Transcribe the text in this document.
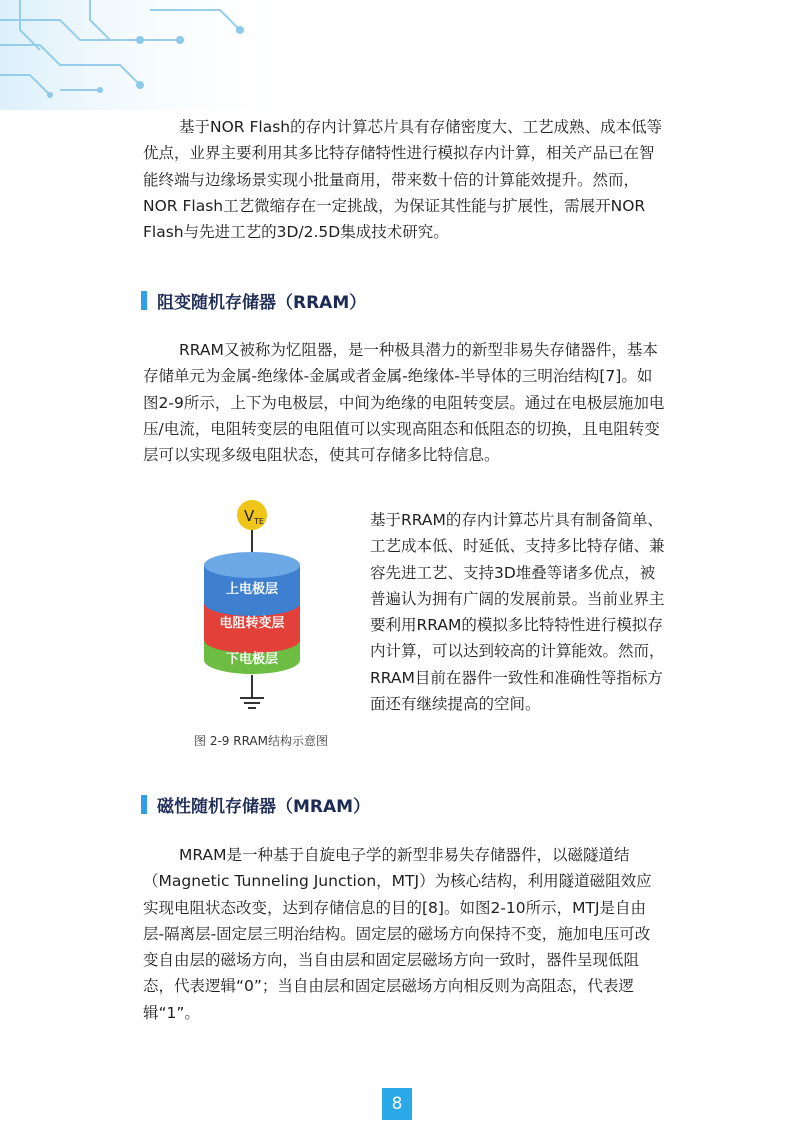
基于NOR Flash的存内计算芯片具有存储密度大、工艺成熟、成本低等优点，业界主要利用其多比特存储特性进行模拟存内计算，相关产品已在智能终端与边缘场景实现小批量商用，带来数十倍的计算能效提升。然而，NOR Flash工艺微缩存在一定挑战，为保证其性能与扩展性，需展开NOR Flash与先进工艺的3D/2.5D集成技术研究。

阻变随机存储器（RRAM）

RRAM又被称为忆阻器，是一种极具潜力的新型非易失存储器件，基本存储单元为金属-绝缘体-金属或者金属-绝缘体-半导体的三明治结构[7]。如图2-9所示，上下为电极层，中间为绝缘的电阻转变层。通过在电极层施加电压/电流，电阻转变层的电阻值可以实现高阻态和低阻态的切换，且电阻转变层可以实现多级电阻状态，使其可存储多比特信息。

V TE
上电极层
电阻转变层
下电极层
图 2-9 RRAM结构示意图

基于RRAM的存内计算芯片具有制备简单、工艺成本低、时延低、支持多比特存储、兼容先进工艺、支持3D堆叠等诸多优点，被普遍认为拥有广阔的发展前景。当前业界主要利用RRAM的模拟多比特特性进行模拟存内计算，可以达到较高的计算能效。然而，RRAM目前在器件一致性和准确性等指标方面还有继续提高的空间。

磁性随机存储器（MRAM）

MRAM是一种基于自旋电子学的新型非易失存储器件，以磁隧道结（Magnetic Tunneling Junction，MTJ）为核心结构，利用隧道磁阻效应实现电阻状态改变，达到存储信息的目的[8]。如图2-10所示，MTJ是自由层-隔离层-固定层三明治结构。固定层的磁场方向保持不变，施加电压可改变自由层的磁场方向，当自由层和固定层磁场方向一致时，器件呈现低阻态，代表逻辑“0”；当自由层和固定层磁场方向相反则为高阻态，代表逻辑“1”。

8
